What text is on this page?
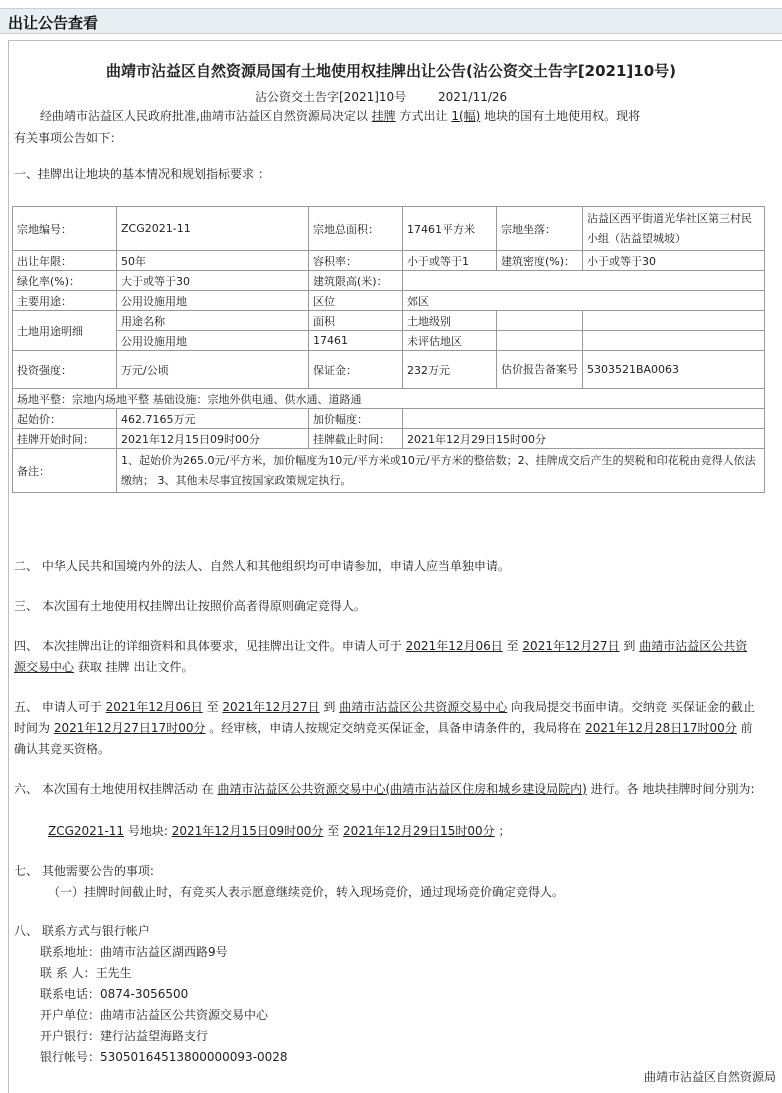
出让公告查看
曲靖市沾益区自然资源局国有土地使用权挂牌出让公告(沾公资交土告字[2021]10号)
沾公资交土告字[2021]10号	2021/11/26
经曲靖市沾益区人民政府批准,曲靖市沾益区自然资源局决定以 挂牌 方式出让 1(幅) 地块的国有土地使用权。现将
有关事项公告如下：
一、挂牌出让地块的基本情况和规划指标要求 ：
宗地编号：	ZCG2021-11	宗地总面积：	17461平方米	宗地坐落：	沾益区西平街道光华社区第三村民小组（沾益望城坡）
出让年限：	50年	容积率：	小于或等于1	建筑密度(%)：	小于或等于30
绿化率(%)：	大于或等于30	建筑限高(米)：			
主要用途：	公用设施用地	区位	郊区		
土地用途明细	用途名称	面积	土地级别		
	公用设施用地	17461	未评估地区		
投资强度：	万元/公顷	保证金：	232万元	估价报告备案号	5303521BA0063
场地平整：宗地内场地平整 基础设施：宗地外供电通、供水通、道路通					
起始价：	462.7165万元	加价幅度：			
挂牌开始时间：	2021年12月15日09时00分	挂牌截止时间：	2021年12月29日15时00分		
备注：	1、起始价为265.0元/平方米，加价幅度为10元/平方米或10元/平方米的整倍数；2、挂牌成交后产生的契税和印花税由竞得人依法缴纳； 3、其他未尽事宜按国家政策规定执行。				
二、 中华人民共和国境内外的法人、自然人和其他组织均可申请参加，申请人应当单独申请。
三、 本次国有土地使用权挂牌出让按照价高者得原则确定竞得人。
四、 本次挂牌出让的详细资料和具体要求，见挂牌出让文件。申请人可于 2021年12月06日 至 2021年12月27日 到 曲靖市沾益区公共资源交易中心 获取 挂牌 出让文件。
五、 申请人可于 2021年12月06日 至 2021年12月27日 到 曲靖市沾益区公共资源交易中心 向我局提交书面申请。交纳竞 买保证金的截止时间为 2021年12月27日17时00分 。经审核，申请人按规定交纳竞买保证金，具备申请条件的，我局将在 2021年12月28日17时00分 前确认其竞买资格。
六、 本次国有土地使用权挂牌活动 在 曲靖市沾益区公共资源交易中心(曲靖市沾益区住房和城乡建设局院内) 进行。各 地块挂牌时间分别为:
ZCG2021-11 号地块: 2021年12月15日09时00分 至 2021年12月29日15时00分 ；
七、 其他需要公告的事项:
（一）挂牌时间截止时，有竞买人表示愿意继续竞价，转入现场竞价，通过现场竞价确定竞得人。
八、 联系方式与银行帐户
联系地址：曲靖市沾益区湖西路9号
联 系 人：王先生
联系电话：0874-3056500
开户单位：曲靖市沾益区公共资源交易中心
开户银行：建行沾益望海路支行
银行帐号：53050164513800000093-0028
曲靖市沾益区自然资源局
